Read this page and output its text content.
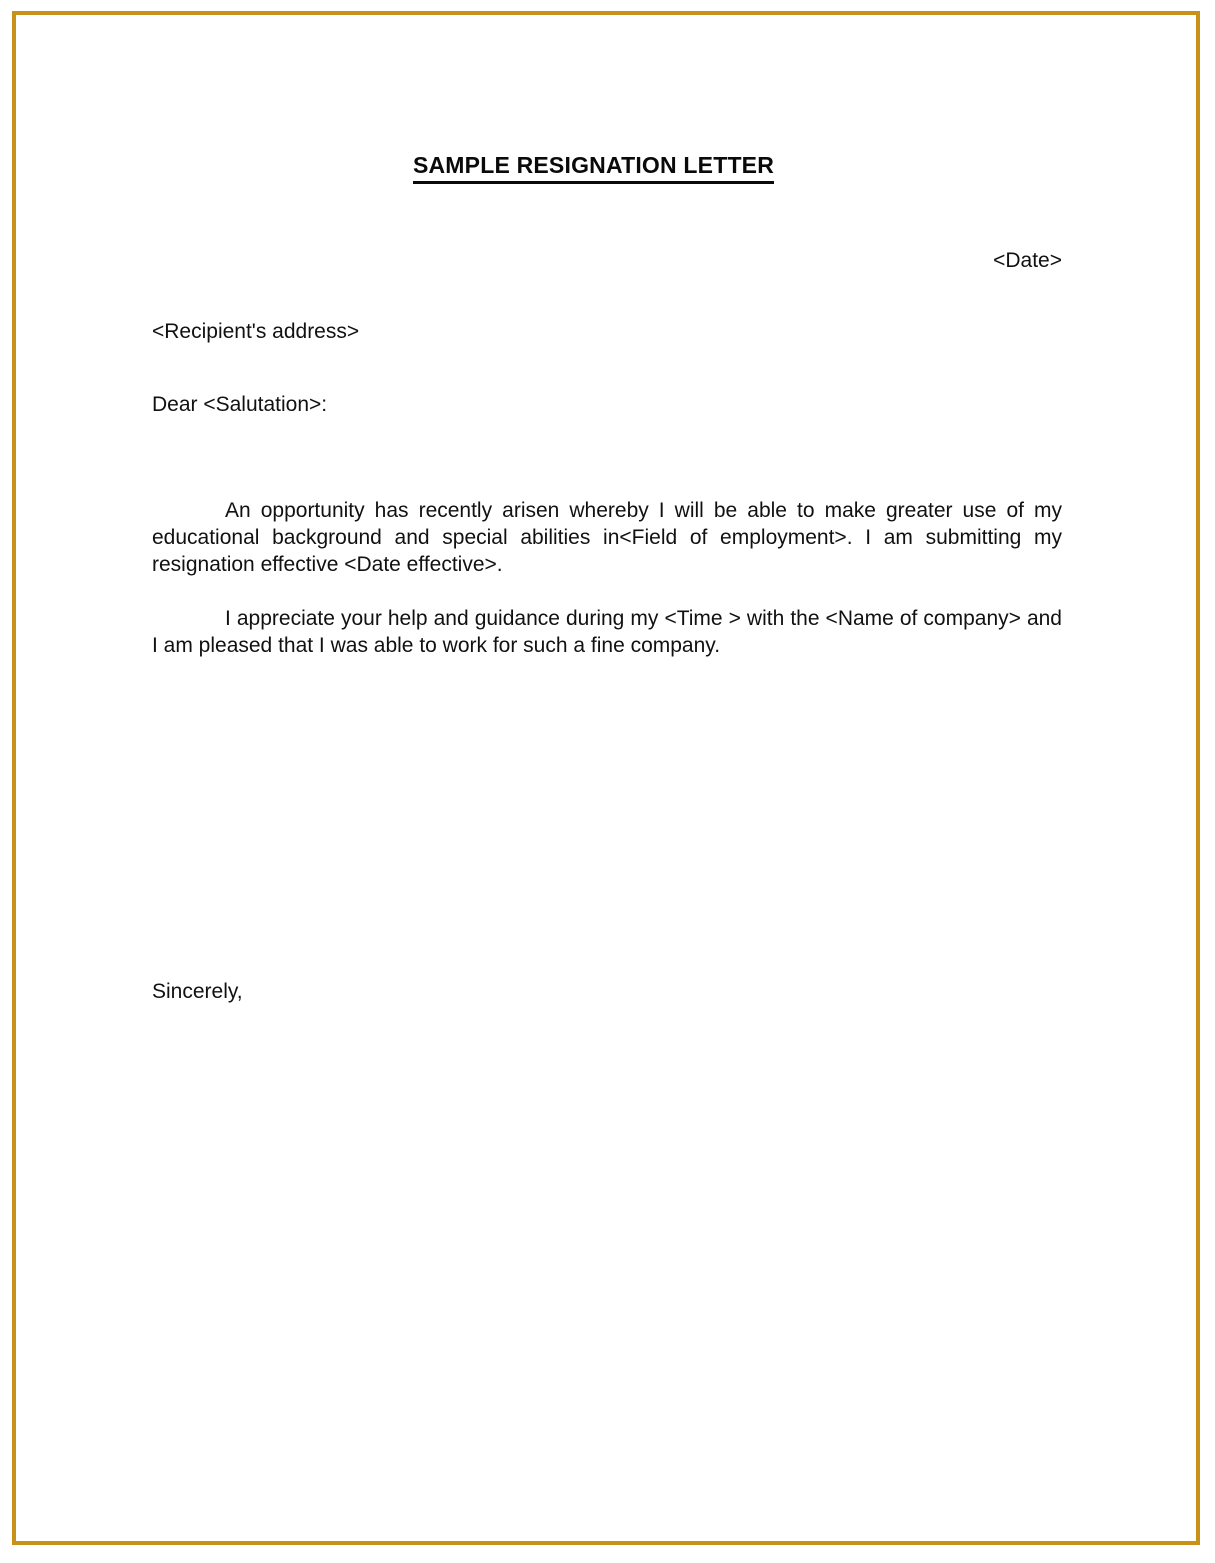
SAMPLE RESIGNATION LETTER
<Date>
<Recipient's address>
Dear <Salutation>:

An opportunity has recently arisen whereby I will be able to make greater use of my educational background and special abilities in<Field of employment>. I am submitting my resignation effective <Date effective>.

I appreciate your help and guidance during my <Time > with the <Name of company> and I am pleased that I was able to work for such a fine company.

Sincerely,
